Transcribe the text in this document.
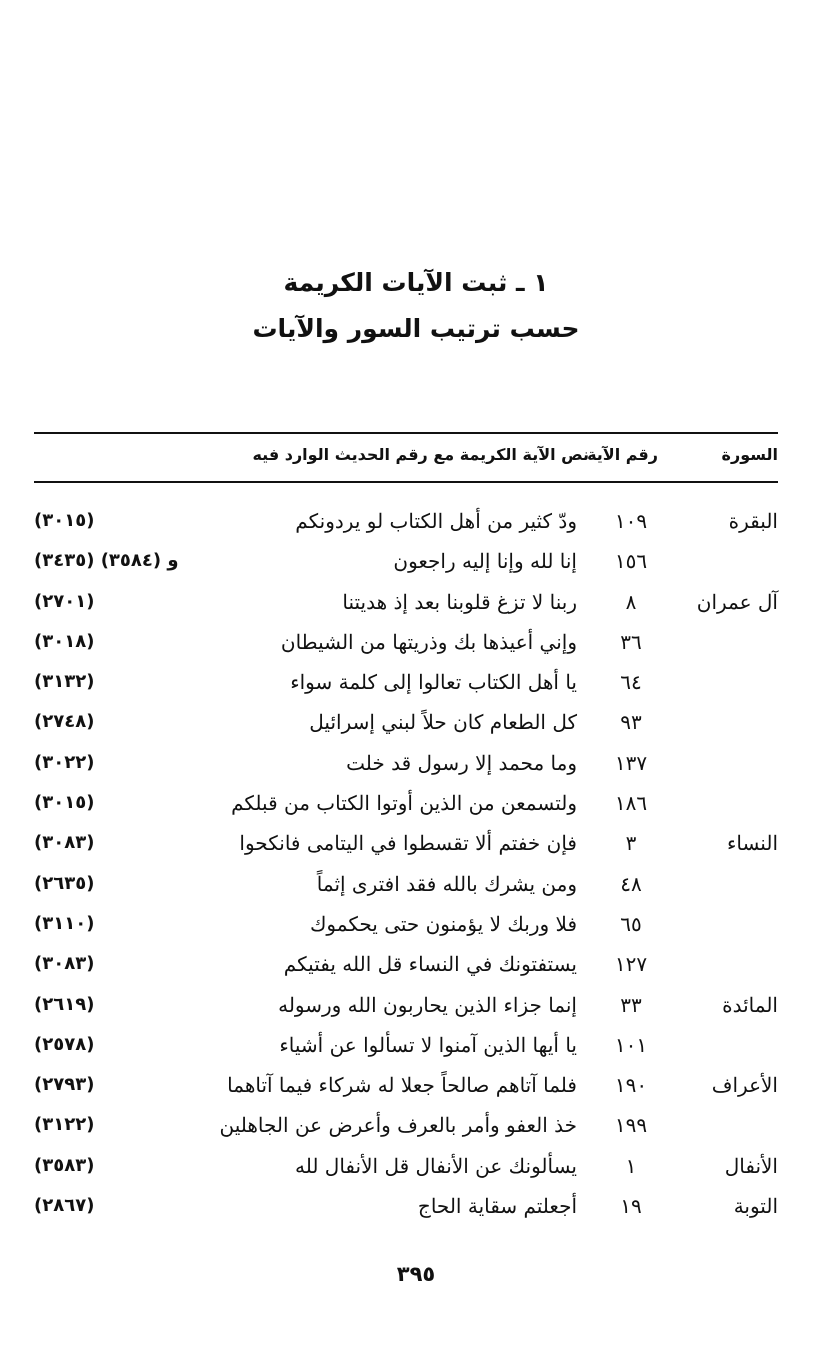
١ ـ ثبت الآيات الكريمة
حسب ترتيب السور والآيات
السورة
رقم الآية
نص الآية الكريمة مع رقم الحديث الوارد فيه
البقرة
١٠٩
ودّ كثير من أهل الكتاب لو يردونكم
(٣٠١٥)
١٥٦
إنا لله وإنا إليه راجعون
(٣٤٣٥) و (٣٥٨٤)
آل عمران
٨
ربنا لا تزغ قلوبنا بعد إذ هديتنا
(٢٧٠١)
٣٦
وإني أعيذها بك وذريتها من الشيطان
(٣٠١٨)
٦٤
يا أهل الكتاب تعالوا إلى كلمة سواء
(٣١٣٢)
٩٣
كل الطعام كان حلاً لبني إسرائيل
(٢٧٤٨)
١٣٧
وما محمد إلا رسول قد خلت
(٣٠٢٢)
١٨٦
ولتسمعن من الذين أوتوا الكتاب من قبلكم
(٣٠١٥)
النساء
٣
فإن خفتم ألا تقسطوا في اليتامى فانكحوا
(٣٠٨٣)
٤٨
ومن يشرك بالله فقد افترى إثماً
(٢٦٣٥)
٦٥
فلا وربك لا يؤمنون حتى يحكموك
(٣١١٠)
١٢٧
يستفتونك في النساء قل الله يفتيكم
(٣٠٨٣)
المائدة
٣٣
إنما جزاء الذين يحاربون الله ورسوله
(٢٦١٩)
١٠١
يا أيها الذين آمنوا لا تسألوا عن أشياء
(٢٥٧٨)
الأعراف
١٩٠
فلما آتاهم صالحاً جعلا له شركاء فيما آتاهما
(٢٧٩٣)
١٩٩
خذ العفو وأمر بالعرف وأعرض عن الجاهلين
(٣١٢٢)
الأنفال
١
يسألونك عن الأنفال قل الأنفال لله
(٣٥٨٣)
التوبة
١٩
أجعلتم سقاية الحاج
(٢٨٦٧)
٣٩٥
